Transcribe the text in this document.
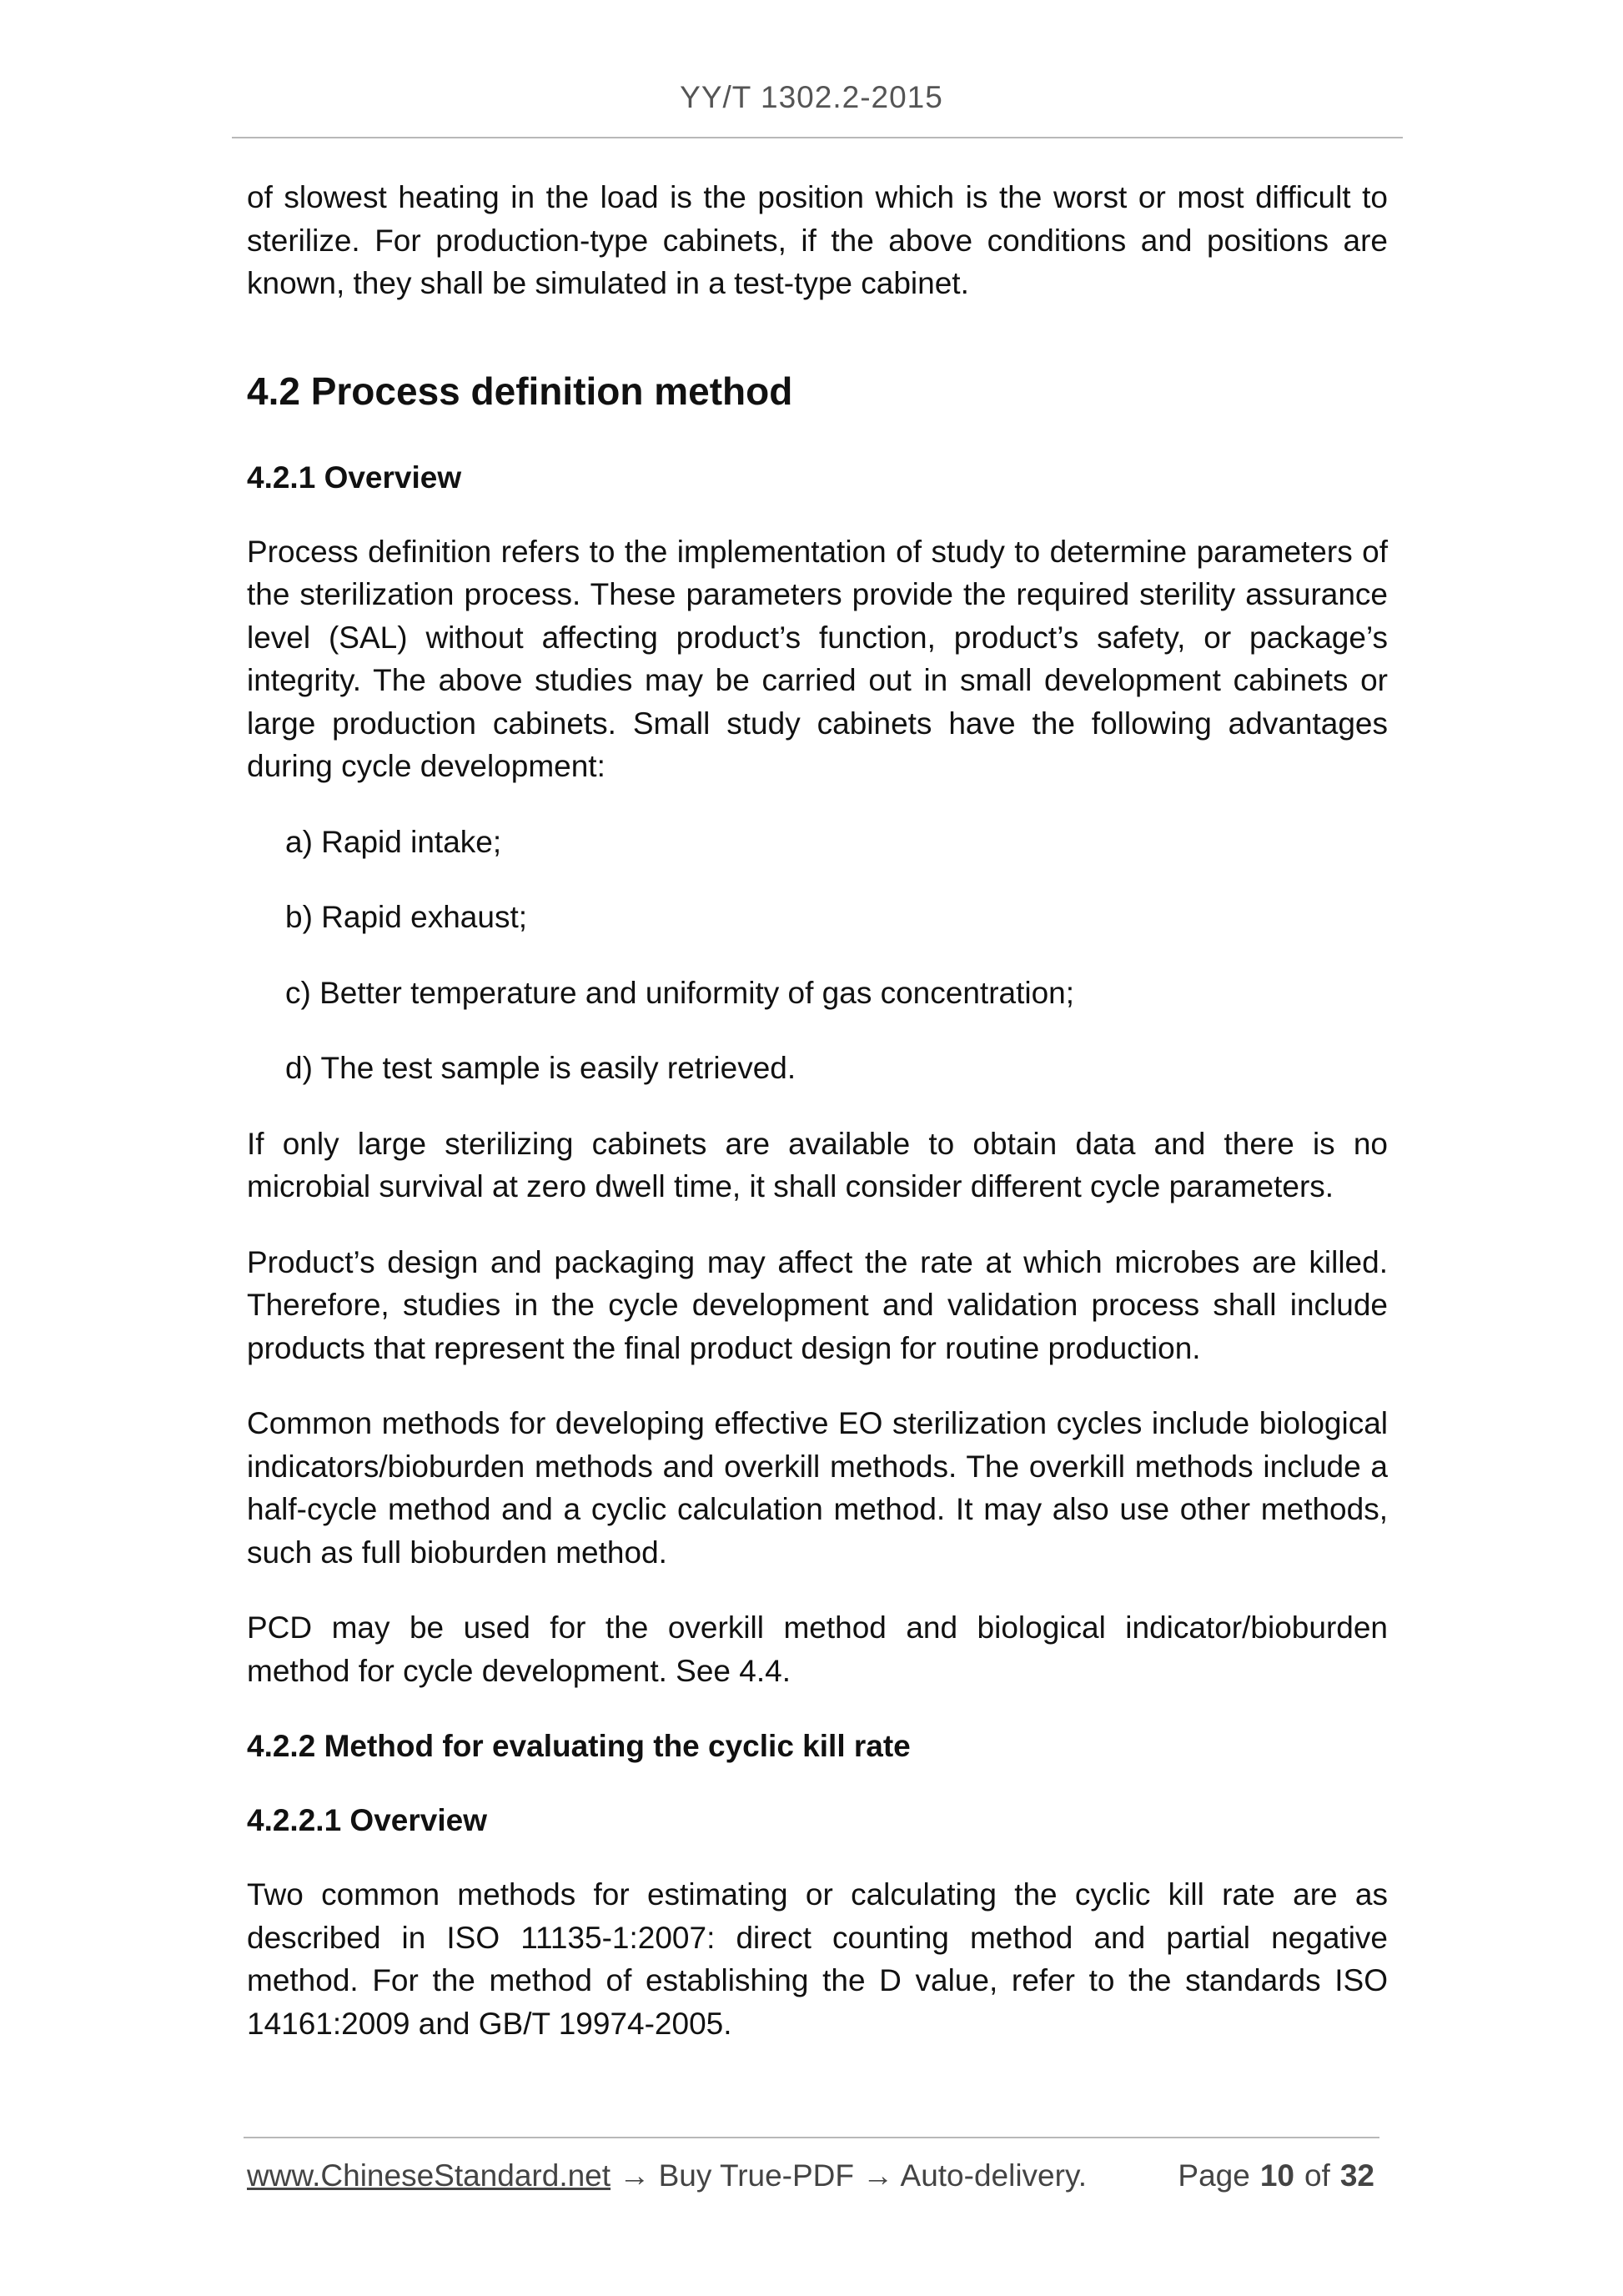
YY/T 1302.2-2015

of slowest heating in the load is the position which is the worst or most difficult to sterilize. For production-type cabinets, if the above conditions and positions are known, they shall be simulated in a test-type cabinet.

4.2 Process definition method
4.2.1 Overview

Process definition refers to the implementation of study to determine parameters of the sterilization process. These parameters provide the required sterility assurance level (SAL) without affecting product’s function, product’s safety, or package’s integrity. The above studies may be carried out in small development cabinets or large production cabinets. Small study cabinets have the following advantages during cycle development:

a) Rapid intake;
b) Rapid exhaust;
c) Better temperature and uniformity of gas concentration;
d) The test sample is easily retrieved.

If only large sterilizing cabinets are available to obtain data and there is no microbial survival at zero dwell time, it shall consider different cycle parameters.

Product’s design and packaging may affect the rate at which microbes are killed. Therefore, studies in the cycle development and validation process shall include products that represent the final product design for routine production.

Common methods for developing effective EO sterilization cycles include biological indicators/bioburden methods and overkill methods. The overkill methods include a half-cycle method and a cyclic calculation method. It may also use other methods, such as full bioburden method.

PCD may be used for the overkill method and biological indicator/bioburden method for cycle development. See 4.4.

4.2.2 Method for evaluating the cyclic kill rate
4.2.2.1 Overview

Two common methods for estimating or calculating the cyclic kill rate are as described in ISO 11135-1:2007: direct counting method and partial negative method. For the method of establishing the D value, refer to the standards ISO 14161:2009 and GB/T 19974-2005.

www.ChineseStandard.net → Buy True-PDF → Auto-delivery.	Page 10 of 32
